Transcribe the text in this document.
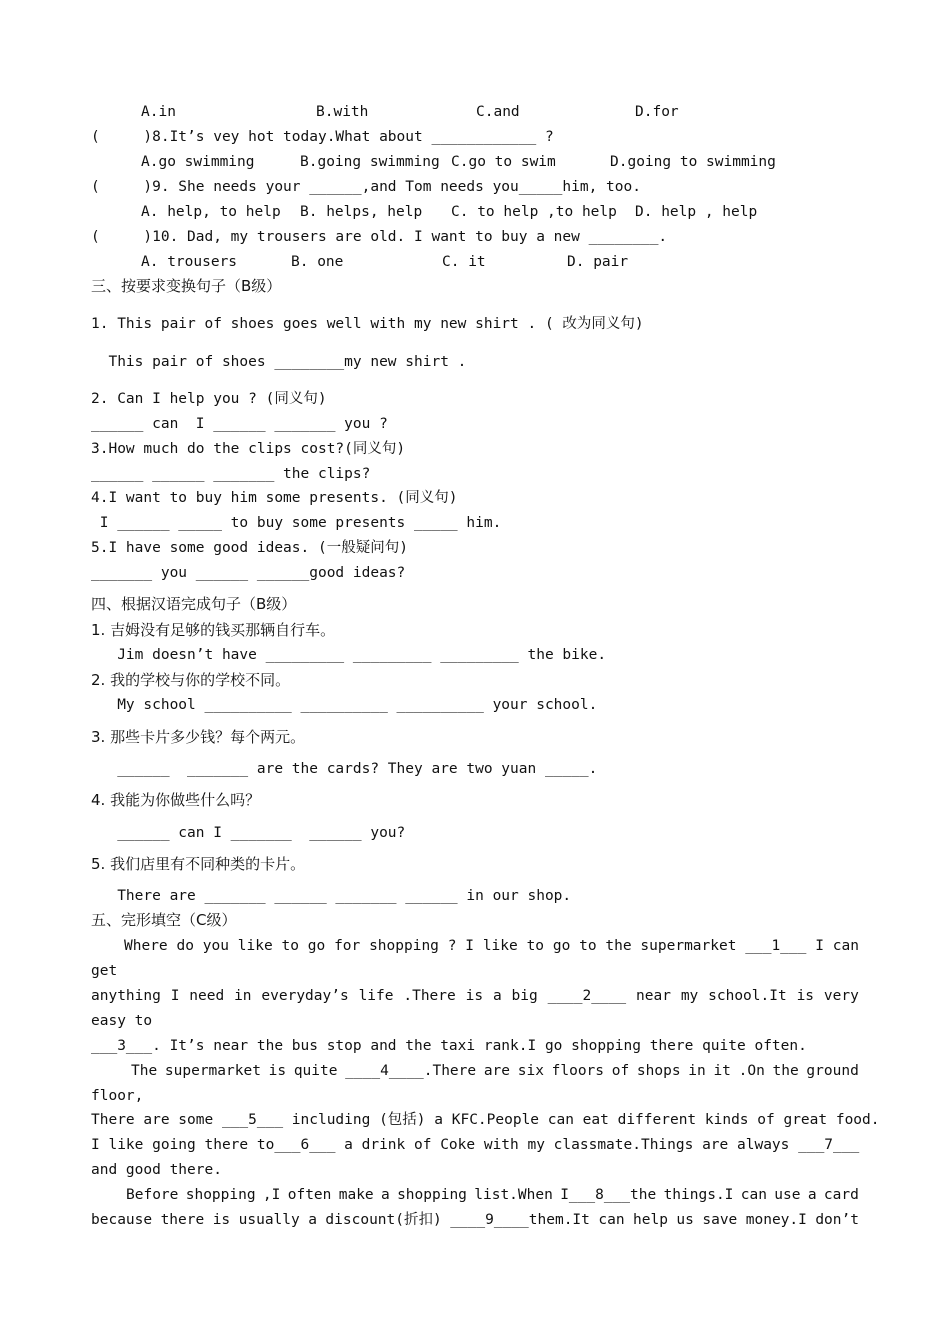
A.in	B.with	C.and	D.for
(     )8.It’s vey hot today.What about ____________ ?
A.go swimming	B.going swimming C.go to swim	D.going to swimming
(     )9. She needs your ______,and Tom needs you_____him, too.
A. help, to help B. helps, help C. to help ,to help D. help , help
(     )10. Dad, my trousers are old. I want to buy a new ________.
A. trousers	B. one	C. it	D. pair
三、按要求变换句子（B级）
1. This pair of shoes goes well with my new shirt . ( 改为同义句)
This pair of shoes ________my new shirt .
2. Can I help you ? (同义句)
______ can  I ______ _______ you ?
3.How much do the clips cost?(同义句)
______ ______ _______ the clips?
4.I want to buy him some presents. (同义句)
I ______ _____ to buy some presents _____ him.
5.I have some good ideas. (一般疑问句)
_______ you ______ ______good ideas?
四、根据汉语完成句子（B级）
1. 吉姆没有足够的钱买那辆自行车。
Jim doesn’t have _________ _________ _________ the bike.
2. 我的学校与你的学校不同。
My school __________ __________ __________ your school.
3. 那些卡片多少钱？每个两元。
______  _______ are the cards? They are two yuan _____.
4. 我能为你做些什么吗？
______ can I _______  ______ you?
5. 我们店里有不同种类的卡片。
There are _______ ______ _______ ______ in our shop.
五、完形填空（C级）
Where do you like to go for shopping ? I like to go to the supermarket ___1___ I can
get
anything I need in everyday’s life .There is a big ____2____ near my school.It is very
easy to
___3___. It’s near the bus stop and the taxi rank.I go shopping there quite often.
The supermarket is quite ____4____.There are six floors of shops in it .On the ground
floor,
There are some ___5___ including (包括) a KFC.People can eat different kinds of great food.
I like going there to___6___ a drink of Coke with my classmate.Things are always ___7___
and good there.
Before shopping ,I often make a shopping list.When I___8___the things.I can use a card
because there is usually a discount(折扣) ____9____them.It can help us save money.I don’t
